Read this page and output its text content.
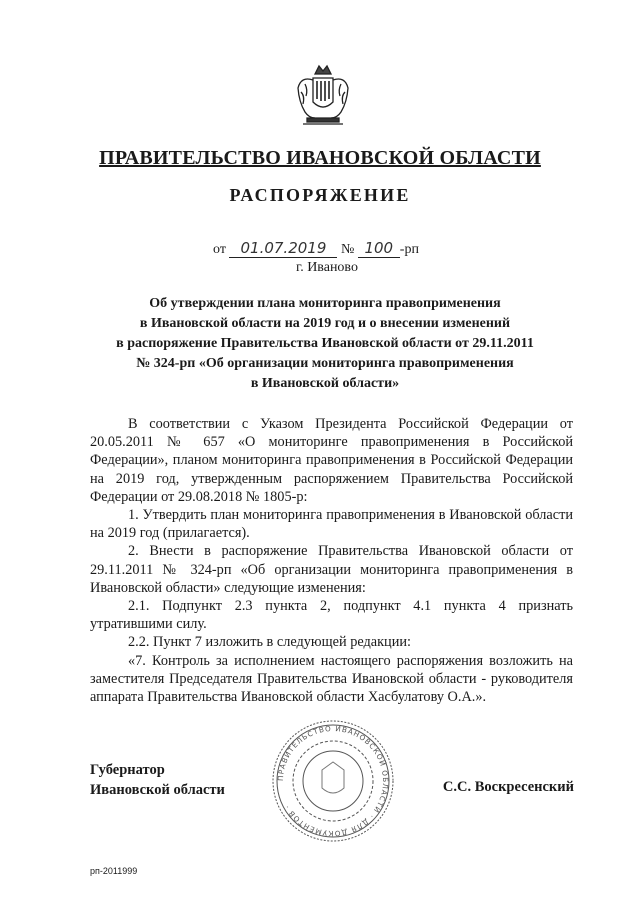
ПРАВИТЕЛЬСТВО ИВАНОВСКОЙ ОБЛАСТИ
РАСПОРЯЖЕНИЕ
от 01.07.2019 № 100 -рп
г. Иваново
Об утверждении плана мониторинга правоприменения
в Ивановской области на 2019 год и о внесении изменений
в распоряжение Правительства Ивановской области от 29.11.2011
№ 324-рп «Об организации мониторинга правоприменения
в Ивановской области»

В соответствии с Указом Президента Российской Федерации от 20.05.2011 № 657 «О мониторинге правоприменения в Российской Федерации», планом мониторинга правоприменения в Российской Федерации на 2019 год, утвержденным распоряжением Правительства Российской Федерации от 29.08.2018 № 1805-р:

1. Утвердить план мониторинга правоприменения в Ивановской области на 2019 год (прилагается).

2. Внести в распоряжение Правительства Ивановской области от 29.11.2011 № 324-рп «Об организации мониторинга правоприменения в Ивановской области» следующие изменения:

2.1. Подпункт 2.3 пункта 2, подпункт 4.1 пункта 4 признать утратившими силу.

2.2. Пункт 7 изложить в следующей редакции:

«7. Контроль за исполнением настоящего распоряжения возложить на заместителя Председателя Правительства Ивановской области - руководителя аппарата Правительства Ивановской области Хасбулатову О.А.».

ПРАВИТЕЛЬСТВО ИВАНОВСКОЙ ОБЛАСТИ · ДЛЯ ДОКУМЕНТОВ ·
Губернатор
Ивановской области	С.С. Воскресенский
рп-2011999
